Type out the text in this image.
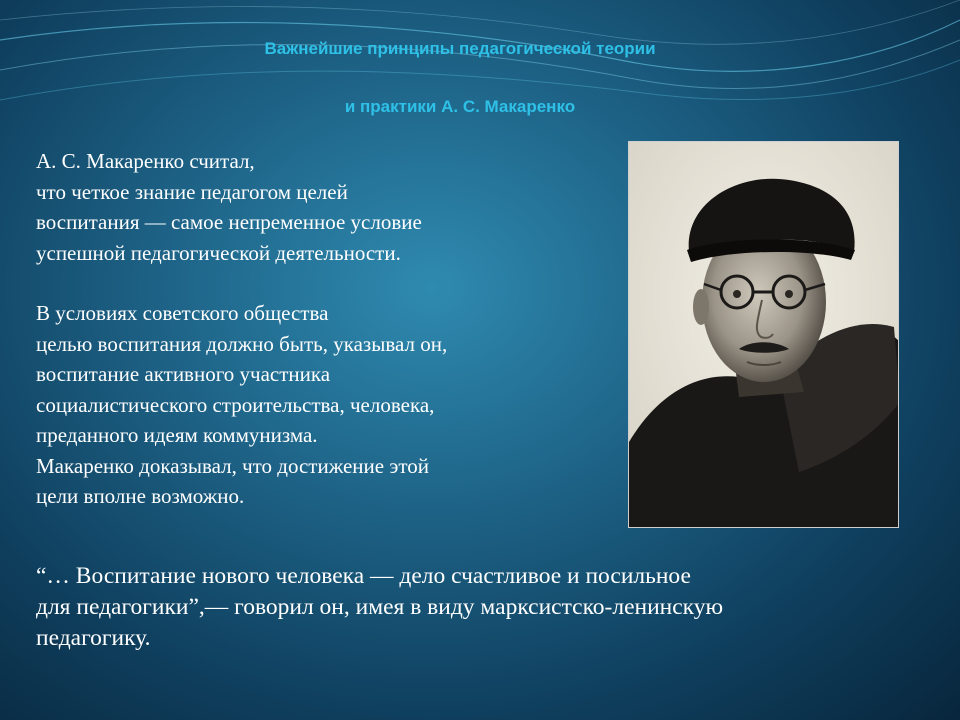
Важнейшие принципы педагогической теории
и практики А. С. Макаренко
А. С. Макаренко считал,
что четкое знание педагогом целей
воспитания — самое непременное условие
успешной педагогической деятельности.
В условиях советского общества
целью воспитания должно быть, указывал он,
воспитание активного участника
социалистического строительства, человека,
преданного идеям коммунизма.
Макаренко доказывал, что достижение этой
цели вполне возможно.
“… Воспитание нового человека — дело счастливое и посильное
для педагогики”,— говорил он, имея в виду марксистско-ленинскую
педагогику.
